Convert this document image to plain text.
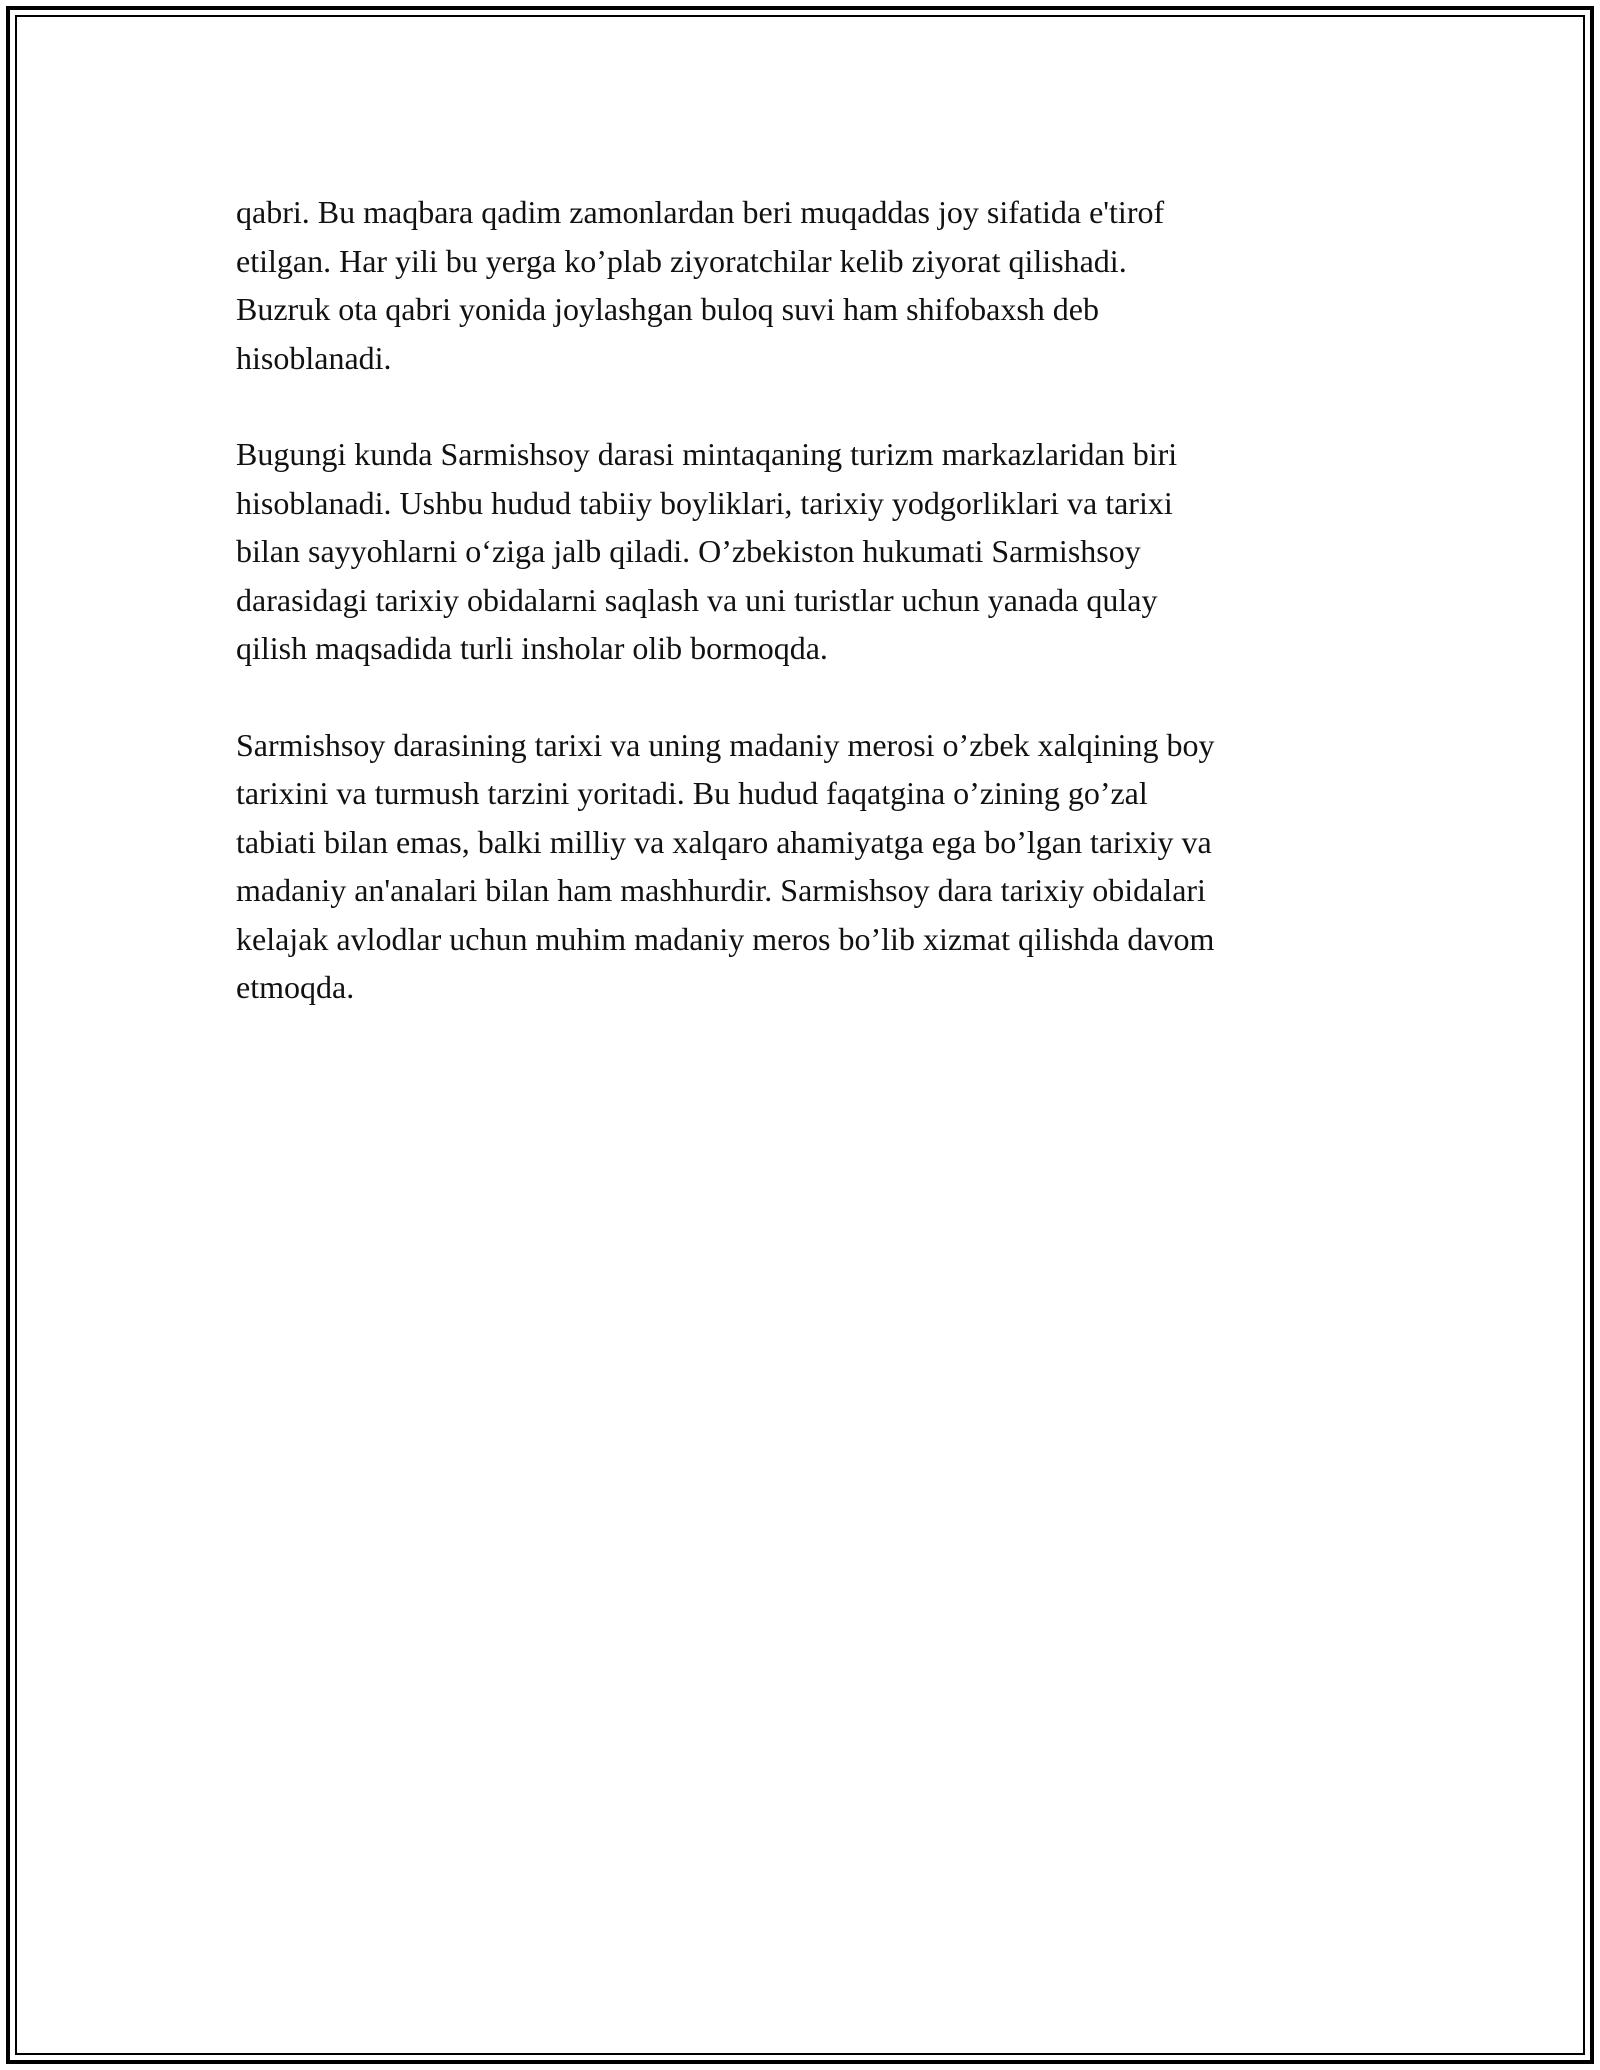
qabri. Bu maqbara qadim zamonlardan beri muqaddas joy sifatida e'tirof
etilgan. Har yili bu yerga ko’plab ziyoratchilar kelib ziyorat qilishadi.
Buzruk ota qabri yonida joylashgan buloq suvi ham shifobaxsh deb
hisoblanadi.

Bugungi kunda Sarmishsoy darasi mintaqaning turizm markazlaridan biri
hisoblanadi. Ushbu hudud tabiiy boyliklari, tarixiy yodgorliklari va tarixi
bilan sayyohlarni o‘ziga jalb qiladi. O’zbekiston hukumati Sarmishsoy
darasidagi tarixiy obidalarni saqlash va uni turistlar uchun yanada qulay
qilish maqsadida turli insholar olib bormoqda.

Sarmishsoy darasining tarixi va uning madaniy merosi o’zbek xalqining boy
tarixini va turmush tarzini yoritadi. Bu hudud faqatgina o’zining go’zal
tabiati bilan emas, balki milliy va xalqaro ahamiyatga ega bo’lgan tarixiy va
madaniy an'analari bilan ham mashhurdir. Sarmishsoy dara tarixiy obidalari
kelajak avlodlar uchun muhim madaniy meros bo’lib xizmat qilishda davom
etmoqda.
